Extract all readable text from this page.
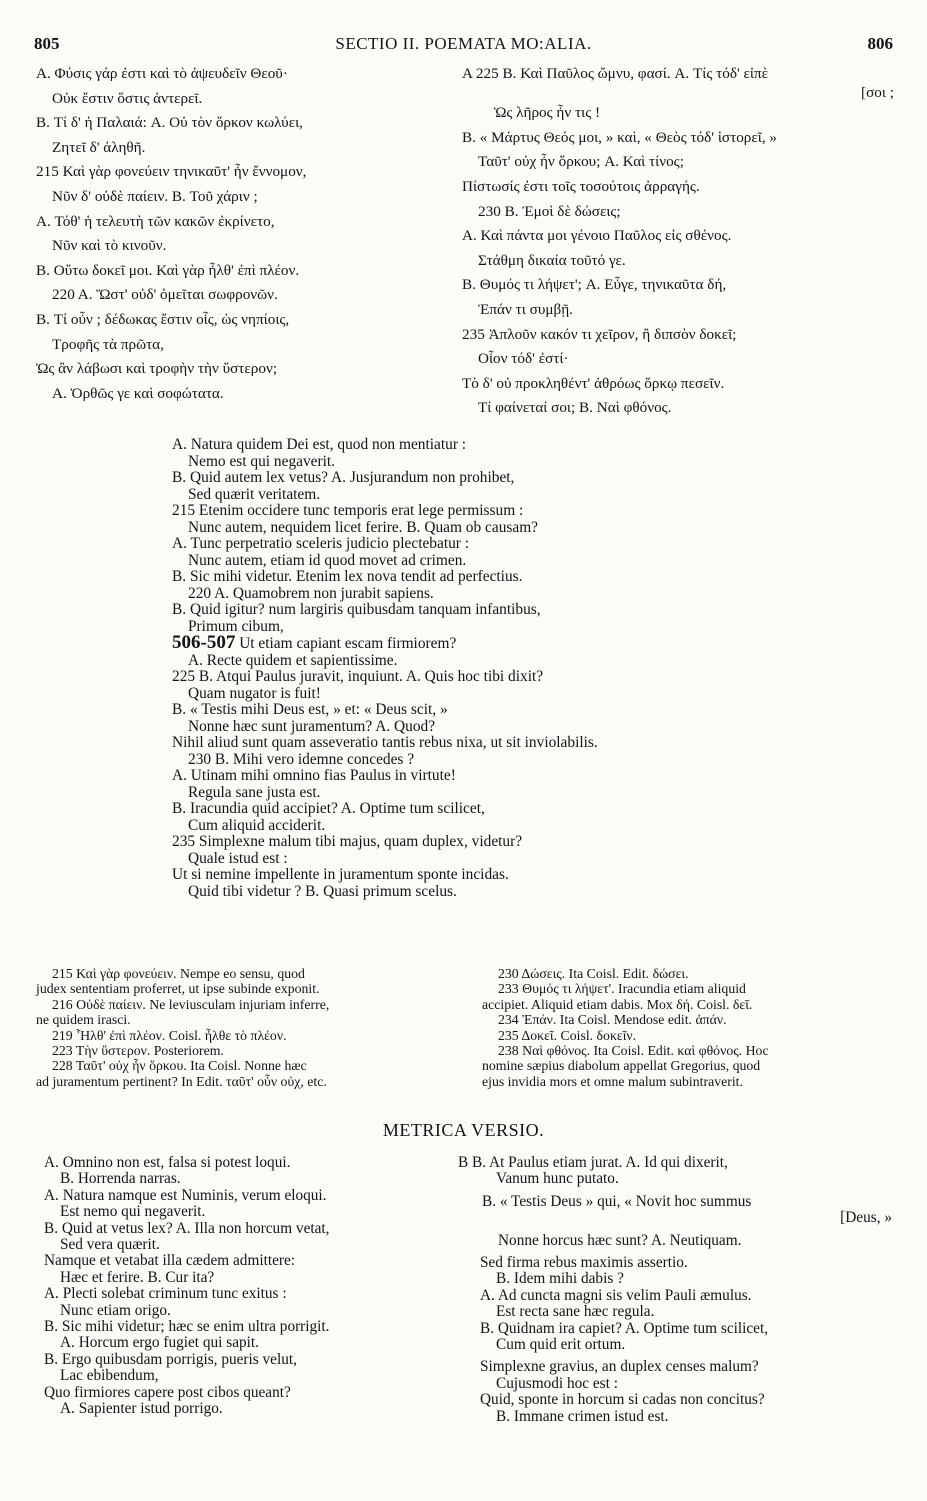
805	SECTIO II. POEMATA MO:ALIA.	806
A. Φύσις γάρ ἐστι καὶ τὸ ἀψευδεῖν Θεοῦ·
Οὐκ ἔστιν ὅστις ἀντερεῖ.
B. Τί δ' ἡ Παλαιά: A. Οὐ τὸν ὅρκον κωλύει,
Ζητεῖ δ' ἀληθῆ.
215 Καὶ γὰρ φονεύειν τηνικαῦτ' ἦν ἔννομον,
Νῦν δ' οὐδὲ παίειν. B. Τοῦ χάριν ;
A. Τόθ' ἡ τελευτὴ τῶν κακῶν ἐκρίνετο,
Νῦν καὶ τὸ κινοῦν.
B. Οὕτω δοκεῖ μοι. Καὶ γὰρ ἦλθ' ἐπὶ πλέον.
220 A. Ὥστ' οὐδ' ὀμεῖται σωφρονῶν.
B. Τί οὖν ; δέδωκας ἔστιν οἷς, ὡς νηπίοις,
Τροφῆς τὰ πρῶτα,
Ὡς ἂν λάβωσι καὶ τροφὴν τὴν ὕστερον;
A. Ὀρθῶς γε καὶ σοφώτατα.
A 225 B. Καὶ Παῦλος ὤμνυ, φασί. A. Τίς τόδ' εἰπὲ
[σοι ;
Ὡς λῆρος ἦν τις !
B. « Μάρτυς Θεός μοι, » καὶ, « Θεὸς τόδ' ἱστορεῖ, »
Ταῦτ' οὐχ ἦν ὅρκου; A. Καὶ τίνος;
Πίστωσίς ἐστι τοῖς τοσούτοις ἀρραγής.
230 B. Ἐμοὶ δὲ δώσεις;
A. Καὶ πάντα μοι γένοιο Παῦλος εἰς σθένος.
Στάθμη δικαία τοῦτό γε.
B. Θυμός τι λήψετ'; A. Εὖγε, τηνικαῦτα δή,
Ἐπάν τι συμβῇ.
235 Ἁπλοῦν κακόν τι χεῖρον, ἢ διπσὸν δοκεῖ;
Οἷον τόδ' ἐστί·
Τὸ δ' οὐ προκληθέντ' ἀθρόως ὅρκῳ πεσεῖν.
Τί φαίνεταί σοι; B. Ναὶ φθόνος.
A. Natura quidem Dei est, quod non mentiatur :
Nemo est qui negaverit.
B. Quid autem lex vetus? A. Jusjurandum non prohibet,
Sed quærit veritatem.
215 Etenim occidere tunc temporis erat lege permissum :
Nunc autem, nequidem licet ferire. B. Quam ob causam?
A. Tunc perpetratio sceleris judicio plectebatur :
Nunc autem, etiam id quod movet ad crimen.
B. Sic mihi videtur. Etenim lex nova tendit ad perfectius.
220 A. Quamobrem non jurabit sapiens.
B. Quid igitur? num largiris quibusdam tanquam infantibus,
Primum cibum,
506-507 Ut etiam capiant escam firmiorem?
A. Recte quidem et sapientissime.
225 B. Atqui Paulus juravit, inquiunt. A. Quis hoc tibi dixit?
Quam nugator is fuit!
B. « Testis mihi Deus est, » et: « Deus scit, »
Nonne hæc sunt juramentum? A. Quod?
Nihil aliud sunt quam asseveratio tantis rebus nixa, ut sit inviolabilis.
230 B. Mihi vero idemne concedes ?
A. Utinam mihi omnino fias Paulus in virtute!
Regula sane justa est.
B. Iracundia quid accipiet? A. Optime tum scilicet,
Cum aliquid acciderit.
235 Simplexne malum tibi majus, quam duplex, videtur?
Quale istud est :
Ut si nemine impellente in juramentum sponte incidas.
Quid tibi videtur ? B. Quasi primum scelus.
215 Καὶ γὰρ φονεύειν. Nempe eo sensu, quod
judex sententiam proferret, ut ipse subinde exponit.
216 Οὐδὲ παίειν. Ne leviusculam injuriam inferre,
ne quidem irasci.
219 Ἦλθ' ἐπὶ πλέον. Coisl. ἦλθε τὸ πλέον.
223 Τὴν ὕστερον. Posteriorem.
228 Ταῦτ' οὐχ ἦν ὅρκου. Ita Coisl. Nonne hæc
ad juramentum pertinent? In Edit. ταῦτ' οὖν οὐχ, etc.
230 Δώσεις. Ita Coisl. Edit. δώσει.
233 Θυμός τι λήψετ'. Iracundia etiam aliquid
accipiet. Aliquid etiam dabis. Mox δή. Coisl. δεῖ.
234 Ἐπάν. Ita Coisl. Mendose edit. ἀπάν.
235 Δοκεῖ. Coisl. δοκεῖν.
238 Ναὶ φθόνος. Ita Coisl. Edit. καὶ φθόνος. Hoc
nomine sæpius diabolum appellat Gregorius, quod
ejus invidia mors et omne malum subintraverit.
METRICA VERSIO.
A. Omnino non est, falsa si potest loqui.
B. Horrenda narras.
A. Natura namque est Numinis, verum eloqui.
Est nemo qui negaverit.
B. Quid at vetus lex? A. Illa non horcum vetat,
Sed vera quærit.
Namque et vetabat illa cædem admittere:
Hæc et ferire. B. Cur ita?
A. Plecti solebat criminum tunc exitus :
Nunc etiam origo.
B. Sic mihi videtur; hæc se enim ultra porrigit.
A. Horcum ergo fugiet qui sapit.
B. Ergo quibusdam porrigis, pueris velut,
Lac ebibendum,
Quo firmiores capere post cibos queant?
A. Sapienter istud porrigo.
B B. At Paulus etiam jurat. A. Id qui dixerit,
Vanum hunc putato.
B. « Testis Deus » qui, « Novit hoc summus
[Deus, »
Nonne horcus hæc sunt? A. Neutiquam.
Sed firma rebus maximis assertio.
B. Idem mihi dabis ?
A. Ad cuncta magni sis velim Pauli æmulus.
Est recta sane hæc regula.
B. Quidnam ira capiet? A. Optime tum scilicet,
Cum quid erit ortum.
Simplexne gravius, an duplex censes malum?
Cujusmodi hoc est :
Quid, sponte in horcum si cadas non concitus?
B. Immane crimen istud est.
